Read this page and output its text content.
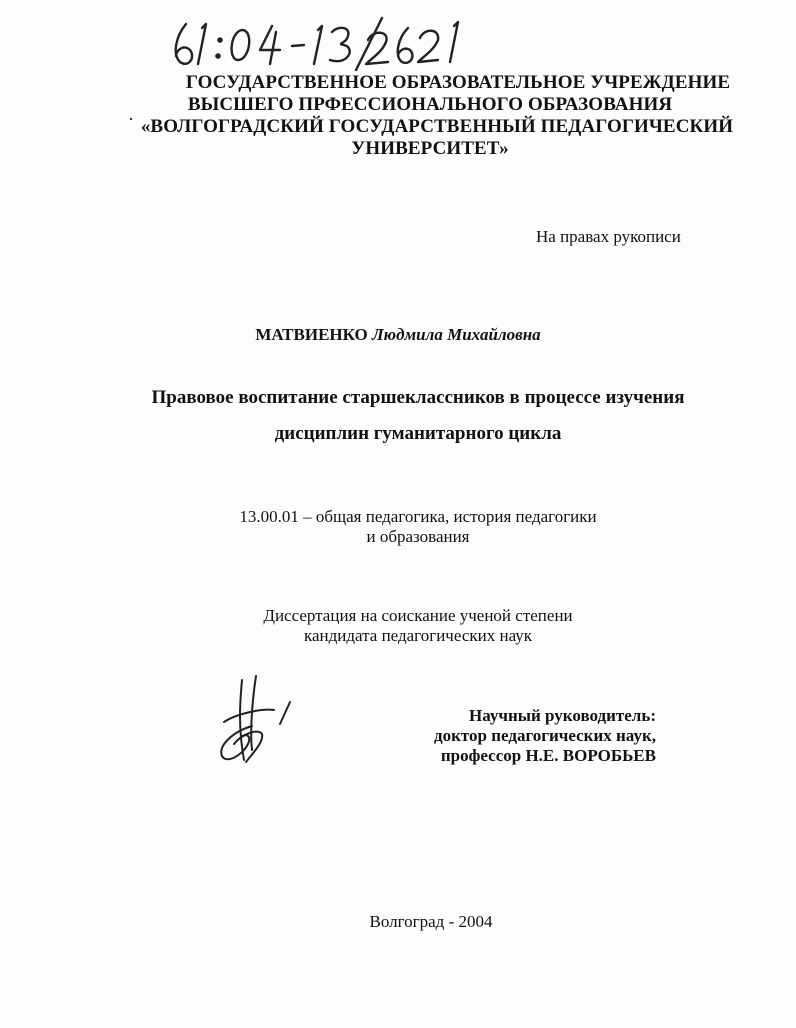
ГОСУДАРСТВЕННОЕ ОБРАЗОВАТЕЛЬНОЕ УЧРЕЖДЕНИЕ
ВЫСШЕГО ПРФЕССИОНАЛЬНОГО ОБРАЗОВАНИЯ
«ВОЛГОГРАДСКИЙ ГОСУДАРСТВЕННЫЙ ПЕДАГОГИЧЕСКИЙ
УНИВЕРСИТЕТ»
На правах рукописи
МАТВИЕНКО Людмила Михайловна
Правовое воспитание старшеклассников в процессе изучения
дисциплин гуманитарного цикла
13.00.01 – общая педагогика, история педагогики
и образования
Диссертация на соискание ученой степени
кандидата педагогических наук
Научный руководитель:
доктор педагогических наук,
профессор Н.Е. ВОРОБЬЕВ
Волгоград - 2004
